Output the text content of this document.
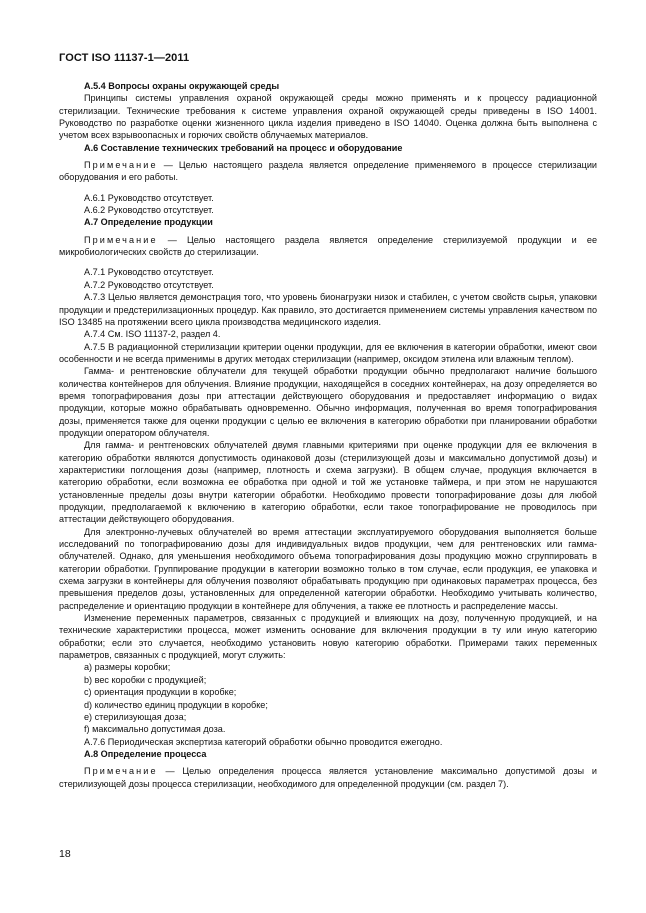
ГОСТ ISO 11137-1—2011
А.5.4 Вопросы охраны окружающей среды
Принципы системы управления охраной окружающей среды можно применять и к процессу радиационной стерилизации. Технические требования к системе управления охраной окружающей среды приведены в ISO 14001. Руководство по разработке оценки жизненного цикла изделия приведено в ISO 14040. Оценка должна быть выполнена с учетом всех взрывоопасных и горючих свойств облучаемых материалов.
А.6 Составление технических требований на процесс и оборудование
Примечание — Целью настоящего раздела является определение применяемого в процессе стерилизации оборудования и его работы.
А.6.1 Руководство отсутствует.
А.6.2 Руководство отсутствует.
А.7 Определение продукции
Примечание — Целью настоящего раздела является определение стерилизуемой продукции и ее микробиологических свойств до стерилизации.
А.7.1 Руководство отсутствует.
А.7.2 Руководство отсутствует.
А.7.3 Целью является демонстрация того, что уровень бионагрузки низок и стабилен, с учетом свойств сырья, упаковки продукции и предстерилизационных процедур. Как правило, это достигается применением системы управления качеством по ISO 13485 на протяжении всего цикла производства медицинского изделия.
А.7.4 См. ISO 11137-2, раздел 4.
А.7.5 В радиационной стерилизации критерии оценки продукции, для ее включения в категории обработки, имеют свои особенности и не всегда применимы в других методах стерилизации (например, оксидом этилена или влажным теплом).
Гамма- и рентгеновские облучатели для текущей обработки продукции обычно предполагают наличие большого количества контейнеров для облучения. Влияние продукции, находящейся в соседних контейнерах, на дозу определяется во время топографирования дозы при аттестации действующего оборудования и предоставляет информацию о видах продукции, которые можно обрабатывать одновременно. Обычно информация, полученная во время топографирования дозы, применяется также для оценки продукции с целью ее включения в категорию обработки при планировании обработки продукции оператором облучателя.
Для гамма- и рентгеновских облучателей двумя главными критериями при оценке продукции для ее включения в категорию обработки являются допустимость одинаковой дозы (стерилизующей дозы и максимально допустимой дозы) и характеристики поглощения дозы (например, плотность и схема загрузки). В общем случае, продукция включается в категорию обработки, если возможна ее обработка при одной и той же установке таймера, и при этом не нарушаются установленные пределы дозы внутри категории обработки. Необходимо провести топографирование дозы для любой продукции, предполагаемой к включению в категорию обработки, если такое топографирование не проводилось при аттестации действующего оборудования.
Для электронно-лучевых облучателей во время аттестации эксплуатируемого оборудования выполняется больше исследований по топографированию дозы для индивидуальных видов продукции, чем для рентгеновских или гамма-облучателей. Однако, для уменьшения необходимого объема топографирования дозы продукцию можно сгруппировать в категории обработки. Группирование продукции в категории возможно только в том случае, если продукция, ее упаковка и схема загрузки в контейнеры для облучения позволяют обрабатывать продукцию при одинаковых параметрах процесса, без превышения пределов дозы, установленных для определенной категории обработки. Необходимо учитывать количество, распределение и ориентацию продукции в контейнере для облучения, а также ее плотность и распределение массы.
Изменение переменных параметров, связанных с продукцией и влияющих на дозу, полученную продукцией, и на технические характеристики процесса, может изменить основание для включения продукции в ту или иную категорию обработки; если это случается, необходимо установить новую категорию обработки. Примерами таких переменных параметров, связанных с продукцией, могут служить:
а) размеры коробки;
b) вес коробки с продукцией;
с) ориентация продукции в коробке;
d) количество единиц продукции в коробке;
е) стерилизующая доза;
f) максимально допустимая доза.
А.7.6 Периодическая экспертиза категорий обработки обычно проводится ежегодно.
А.8 Определение процесса
Примечание — Целью определения процесса является установление максимально допустимой дозы и стерилизующей дозы процесса стерилизации, необходимого для определенной продукции (см. раздел 7).
18
